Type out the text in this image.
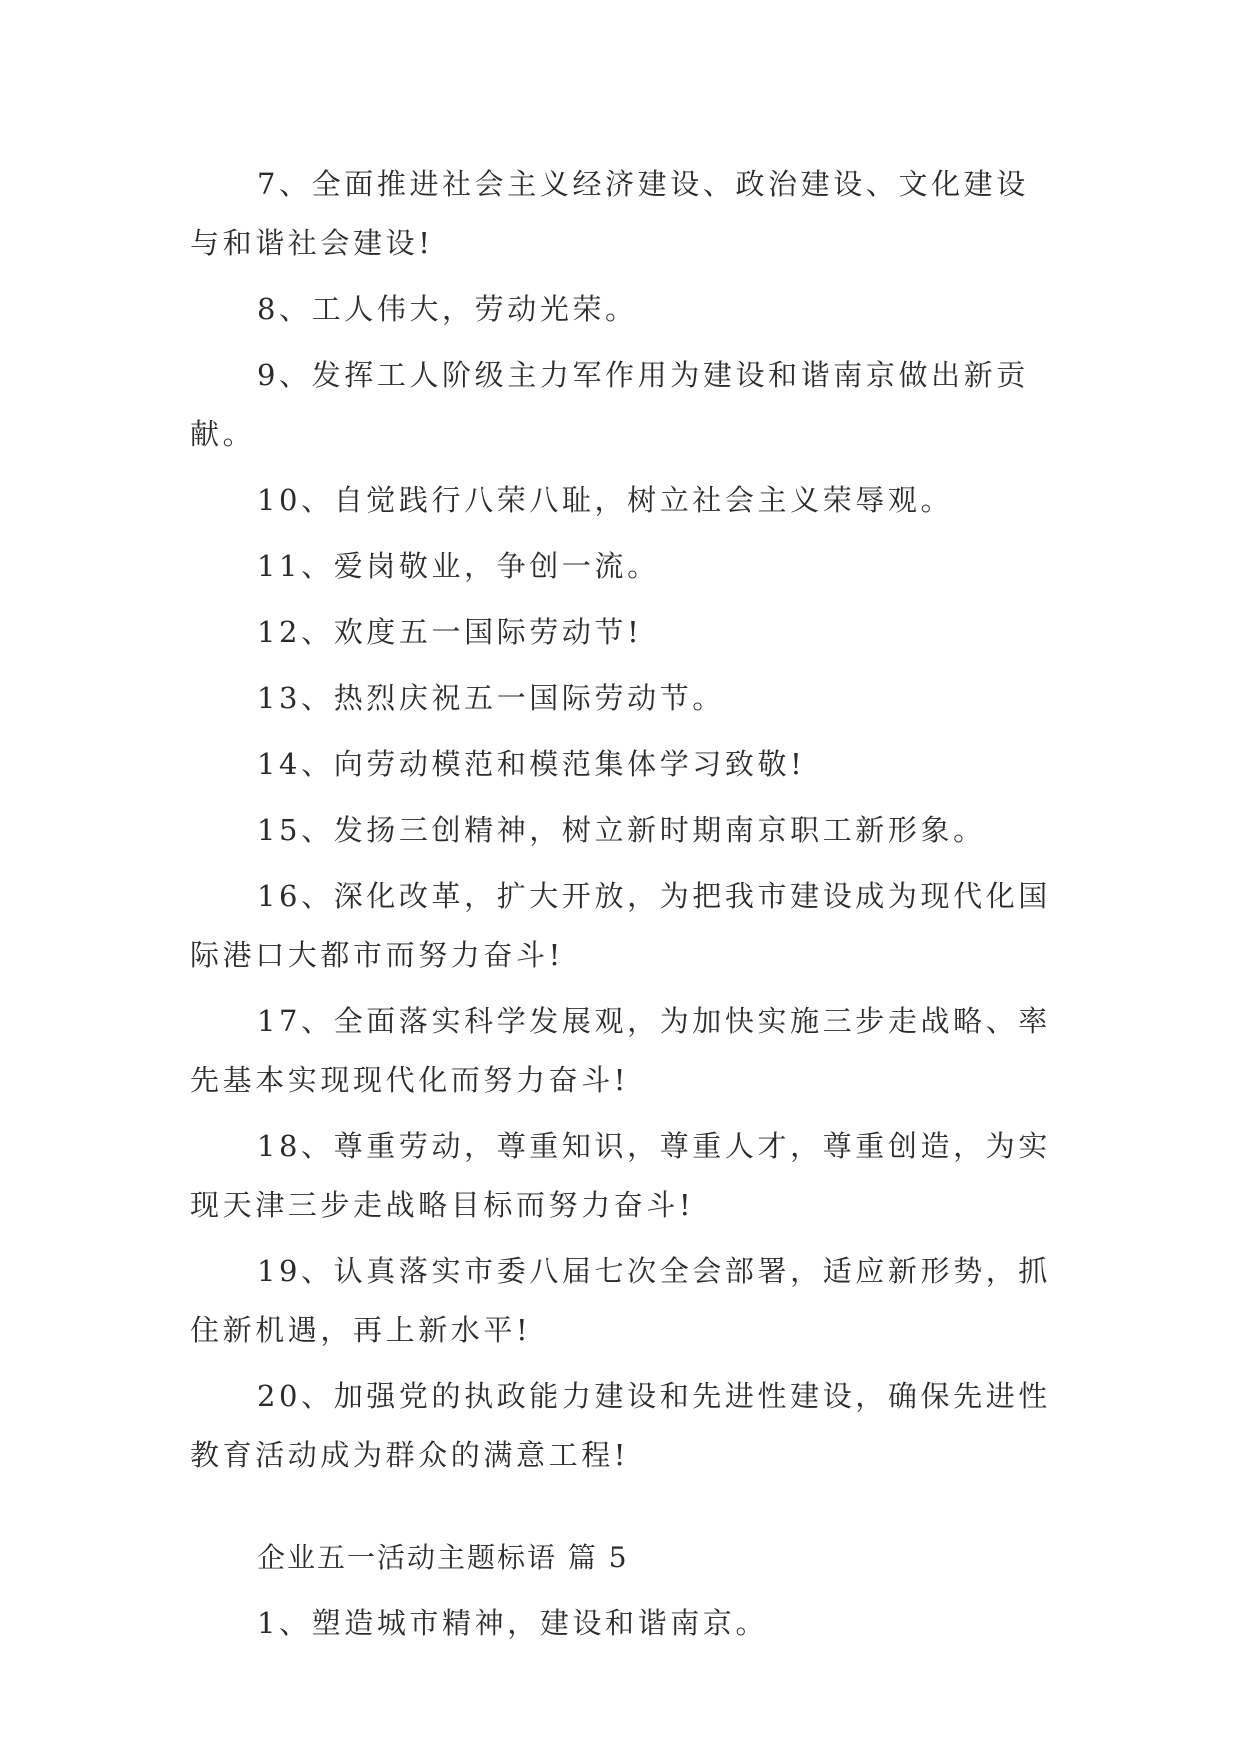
7、全面推进社会主义经济建设、政治建设、文化建设与和谐社会建设!

8、工人伟大，劳动光荣。

9、发挥工人阶级主力军作用为建设和谐南京做出新贡献。

10、自觉践行八荣八耻，树立社会主义荣辱观。

11、爱岗敬业，争创一流。

12、欢度五一国际劳动节!

13、热烈庆祝五一国际劳动节。

14、向劳动模范和模范集体学习致敬!

15、发扬三创精神，树立新时期南京职工新形象。

16、深化改革，扩大开放，为把我市建设成为现代化国际港口大都市而努力奋斗!

17、全面落实科学发展观，为加快实施三步走战略、率先基本实现现代化而努力奋斗!

18、尊重劳动，尊重知识，尊重人才，尊重创造，为实现天津三步走战略目标而努力奋斗!

19、认真落实市委八届七次全会部署，适应新形势，抓住新机遇，再上新水平!

20、加强党的执政能力建设和先进性建设，确保先进性教育活动成为群众的满意工程!

企业五一活动主题标语 篇 5

1、塑造城市精神，建设和谐南京。
